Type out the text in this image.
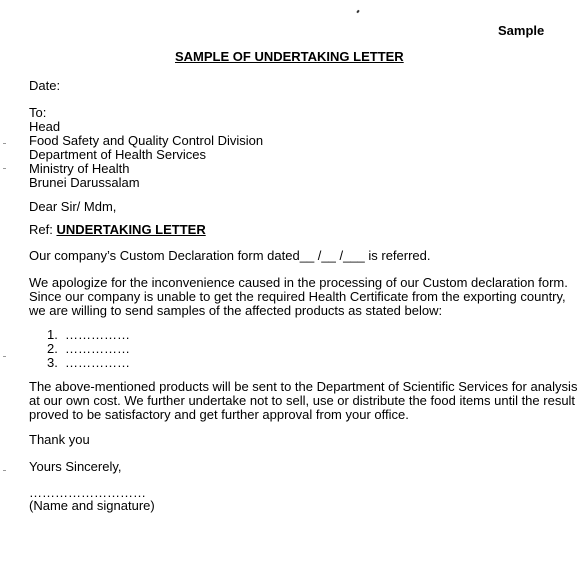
Sample
SAMPLE OF UNDERTAKING LETTER
Date:
To:
Head
Food Safety and Quality Control Division
Department of Health Services
Ministry of Health
Brunei Darussalam
Dear Sir/ Mdm,
Ref: UNDERTAKING LETTER
Our company’s Custom Declaration form dated__ /__ /___ is referred.
We apologize for the inconvenience caused in the processing of our Custom declaration form.
Since our company is unable to get the required Health Certificate from the exporting country,
we are willing to send samples of the affected products as stated below:
1. ……………
2. ……………
3. ……………
The above-mentioned products will be sent to the Department of Scientific Services for analysis
at our own cost. We further undertake not to sell, use or distribute the food items until the result
proved to be satisfactory and get further approval from your office.
Thank you
Yours Sincerely,
………………………
(Name and signature)
